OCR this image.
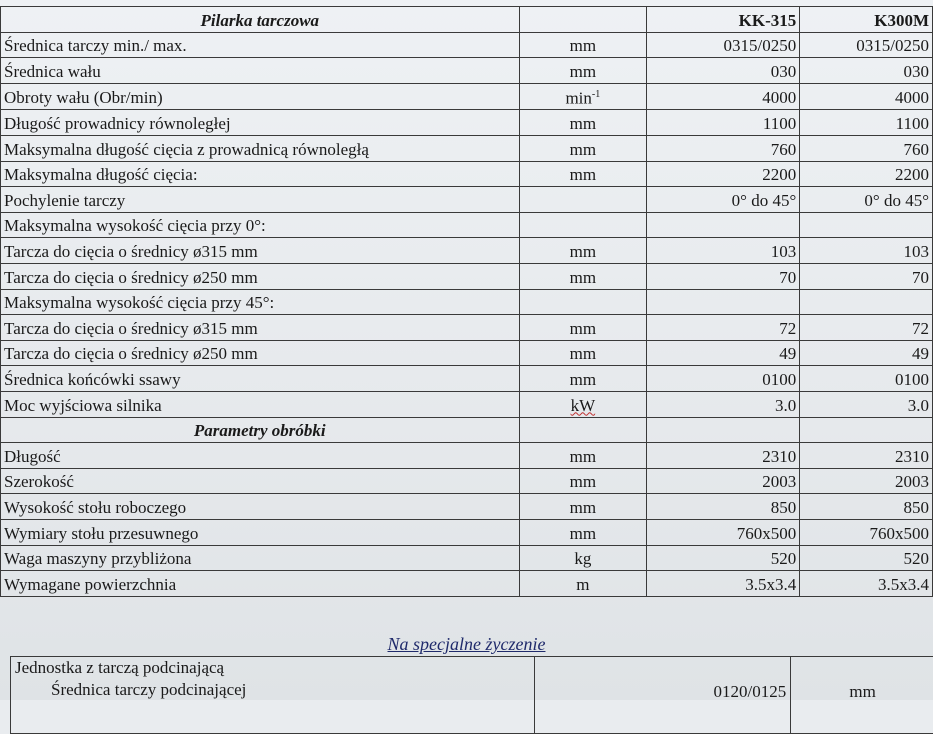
Pilarka tarczowa		KK-315	K300M
Średnica tarczy min./ max.	mm	0315/0250	0315/0250
Średnica wału	mm	030	030
Obroty wału (Obr/min)	$\min^{-1}$	4000	4000
Długość prowadnicy równoległej	mm	1100	1100
Maksymalna długość cięcia z prowadnicą równoległą	mm	760	760
Maksymalna długość cięcia:	mm	2200	2200
Pochylenie tarczy		0° do 45°	0° do 45°
Maksymalna wysokość cięcia przy 0°:			
Tarcza do cięcia o średnicy ø315 mm	mm	103	103
Tarcza do cięcia o średnicy ø250 mm	mm	70	70
Maksymalna wysokość cięcia przy 45°:			
Tarcza do cięcia o średnicy ø315 mm	mm	72	72
Tarcza do cięcia o średnicy ø250 mm	mm	49	49
Średnica końcówki ssawy	mm	0100	0100
Moc wyjściowa silnika	kW	3.0	3.0
Parametry obróbki			
Długość	mm	2310	2310
Szerokość	mm	2003	2003
Wysokość stołu roboczego	mm	850	850
Wymiary stołu przesuwnego	mm	760x500	760x500
Waga maszyny przybliżona	kg	520	520
Wymagane powierzchnia	m	3.5x3.4	3.5x3.4
Na specjalne życzenie
Jednostka z tarczą podcinającą
Średnica tarczy podcinającej	0120/0125	mm
